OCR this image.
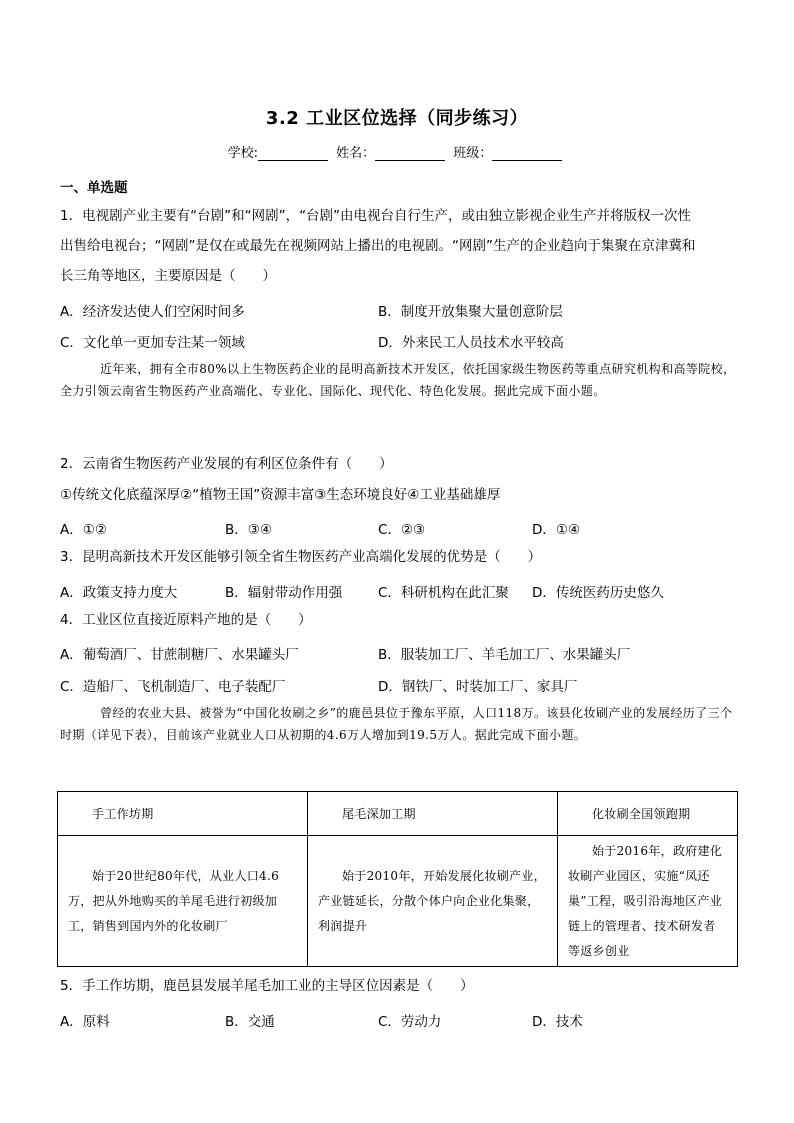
3.2 工业区位选择（同步练习）
学校:	姓名：	班级：
一、单选题
1．电视剧产业主要有“台剧”和“网剧”，“台剧”由电视台自行生产，或由独立影视企业生产并将版权一次性
出售给电视台；“网剧”是仅在或最先在视频网站上播出的电视剧。“网剧”生产的企业趋向于集聚在京津冀和
长三角等地区，主要原因是（　　）
A．经济发达使人们空闲时间多	B．制度开放集聚大量创意阶层
C．文化单一更加专注某一领域	D．外来民工人员技术水平较高
近年来，拥有全市80%以上生物医药企业的昆明高新技术开发区，依托国家级生物医药等重点研究机构和高等院校，全力引领云南省生物医药产业高端化、专业化、国际化、现代化、特色化发展。据此完成下面小题。
2．云南省生物医药产业发展的有利区位条件有（　　）
①传统文化底蕴深厚②“植物王国”资源丰富③生态环境良好④工业基础雄厚
A．①②	B．③④	C．②③	D．①④
3．昆明高新技术开发区能够引领全省生物医药产业高端化发展的优势是（　　）
A．政策支持力度大	B．辐射带动作用强	C．科研机构在此汇聚 D．传统医药历史悠久
4．工业区位直接近原料产地的是（　　）
A．葡萄酒厂、甘蔗制糖厂、水果罐头厂	B．服装加工厂、羊毛加工厂、水果罐头厂
C．造船厂、飞机制造厂、电子装配厂	D．钢铁厂、时装加工厂、家具厂
曾经的农业大县、被誉为“中国化妆刷之乡”的鹿邑县位于豫东平原，人口118万。该县化妆刷产业的发展经历了三个时期（详见下表），目前该产业就业人口从初期的4.6万人增加到19.5万人。据此完成下面小题。
手工作坊期	尾毛深加工期	化妆刷全国领跑期
始于20世纪80年代，从业人口4.6万，把从外地购买的羊尾毛进行初级加工，销售到国内外的化妆刷厂	始于2010年，开始发展化妆刷产业，产业链延长，分散个体户向企业化集聚，利润提升	始于2016年，政府建化妆刷产业园区，实施“凤还巢”工程，吸引沿海地区产业链上的管理者、技术研发者等返乡创业
5．手工作坊期，鹿邑县发展羊尾毛加工业的主导区位因素是（　　）
A．原料	B．交通	C．劳动力	D．技术
